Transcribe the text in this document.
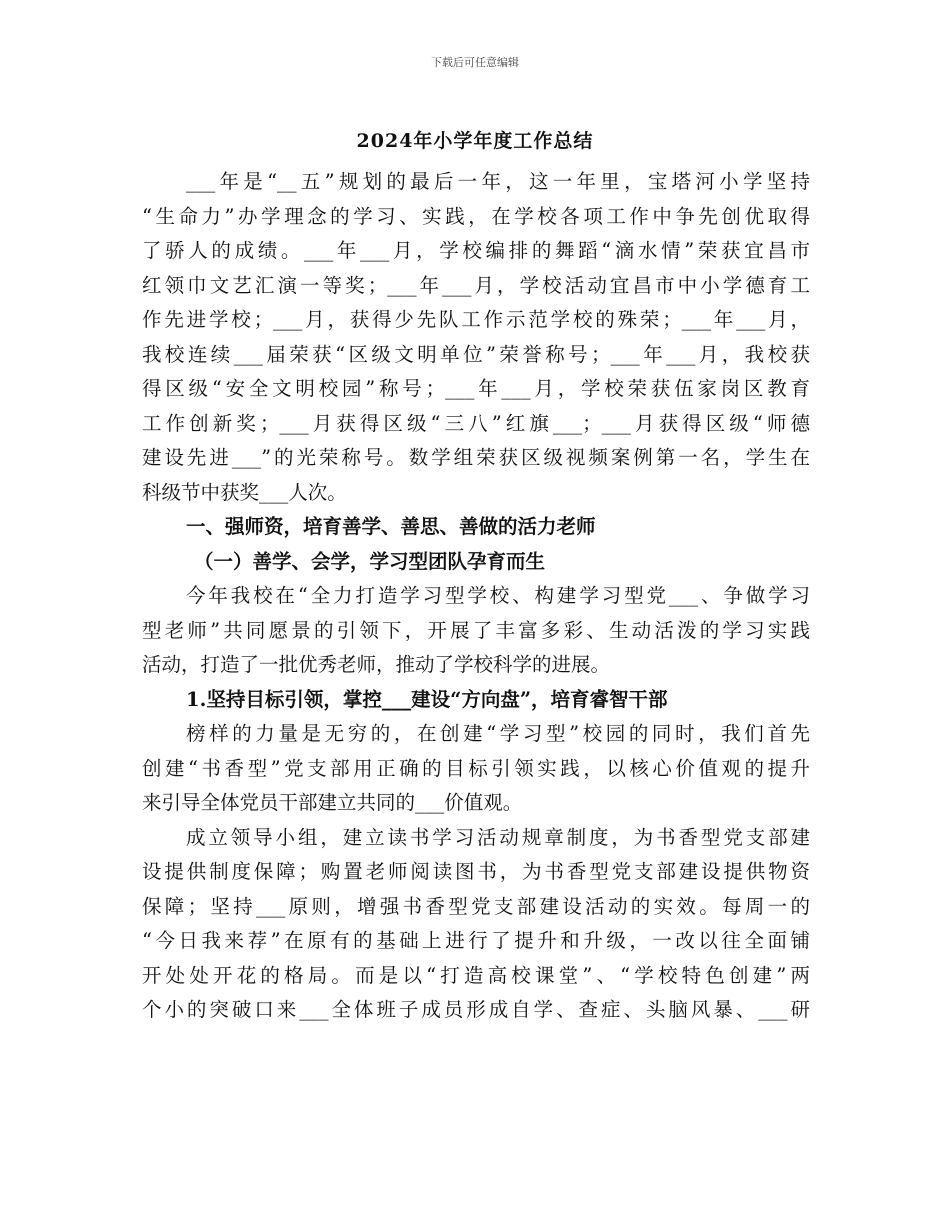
下载后可任意编辑
2024年小学年度工作总结
___年是“__五”规划的最后一年，这一年里，宝塔河小学坚持
“生命力”办学理念的学习、实践，在学校各项工作中争先创优取得
了骄人的成绩。___年___月，学校编排的舞蹈“滴水情”荣获宜昌市
红领巾文艺汇演一等奖；___年___月，学校活动宜昌市中小学德育工
作先进学校；___月，获得少先队工作示范学校的殊荣；___年___月，
我校连续___届荣获“区级文明单位”荣誉称号；___年___月，我校获
得区级“安全文明校园”称号；___年___月，学校荣获伍家岗区教育
工作创新奖；___月获得区级“三八”红旗___；___月获得区级“师德
建设先进___”的光荣称号。数学组荣获区级视频案例第一名，学生在
科级节中获奖___人次。
一、强师资，培育善学、善思、善做的活力老师
（一）善学、会学，学习型团队孕育而生
今年我校在“全力打造学习型学校、构建学习型党___、争做学习
型老师”共同愿景的引领下，开展了丰富多彩、生动活泼的学习实践
活动，打造了一批优秀老师，推动了学校科学的进展。
1.坚持目标引领，掌控___建设“方向盘”，培育睿智干部
榜样的力量是无穷的，在创建“学习型”校园的同时，我们首先
创建“书香型”党支部用正确的目标引领实践，以核心价值观的提升
来引导全体党员干部建立共同的___价值观。
成立领导小组，建立读书学习活动规章制度，为书香型党支部建
设提供制度保障；购置老师阅读图书，为书香型党支部建设提供物资
保障；坚持___原则，增强书香型党支部建设活动的实效。每周一的
“今日我来荐”在原有的基础上进行了提升和升级，一改以往全面铺
开处处开花的格局。而是以“打造高校课堂”、“学校特色创建”两
个小的突破口来___全体班子成员形成自学、查症、头脑风暴、___研
